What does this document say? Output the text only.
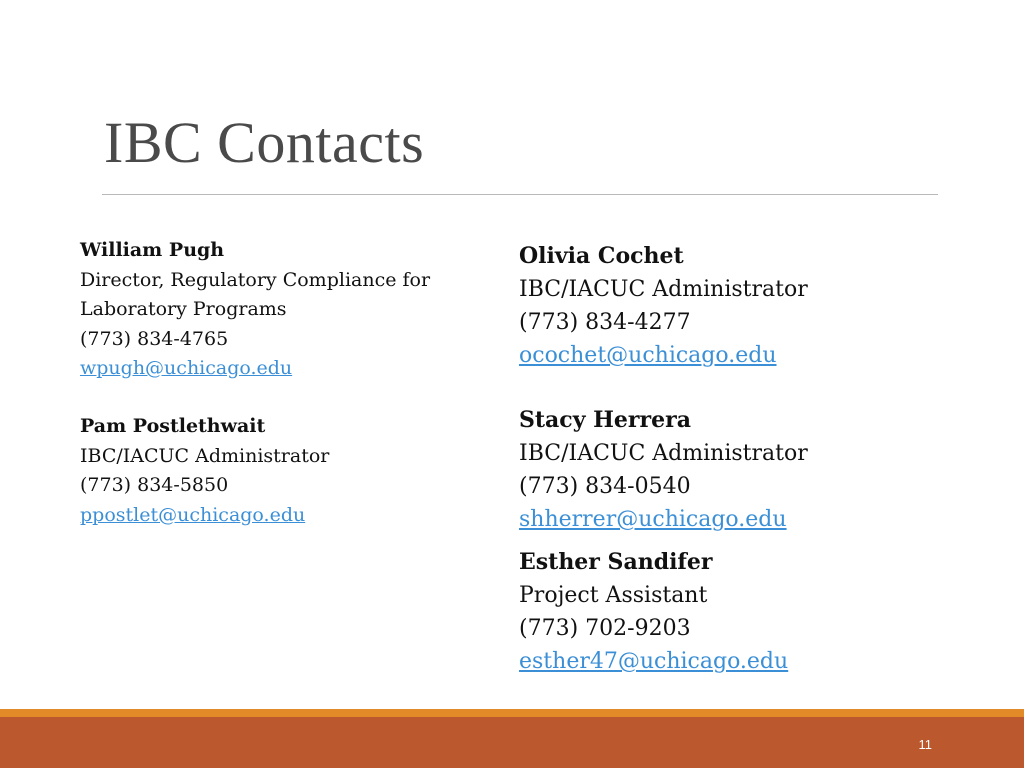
IBC Contacts
William Pugh
Director, Regulatory Compliance for
Laboratory Programs
(773) 834-4765
wpugh@uchicago.edu
Pam Postlethwait
IBC/IACUC Administrator
(773) 834-5850
ppostlet@uchicago.edu
Olivia Cochet
IBC/IACUC Administrator
(773) 834-4277
ocochet@uchicago.edu
Stacy Herrera
IBC/IACUC Administrator
(773) 834-0540
shherrer@uchicago.edu
Esther Sandifer
Project Assistant
(773) 702-9203
esther47@uchicago.edu
11
